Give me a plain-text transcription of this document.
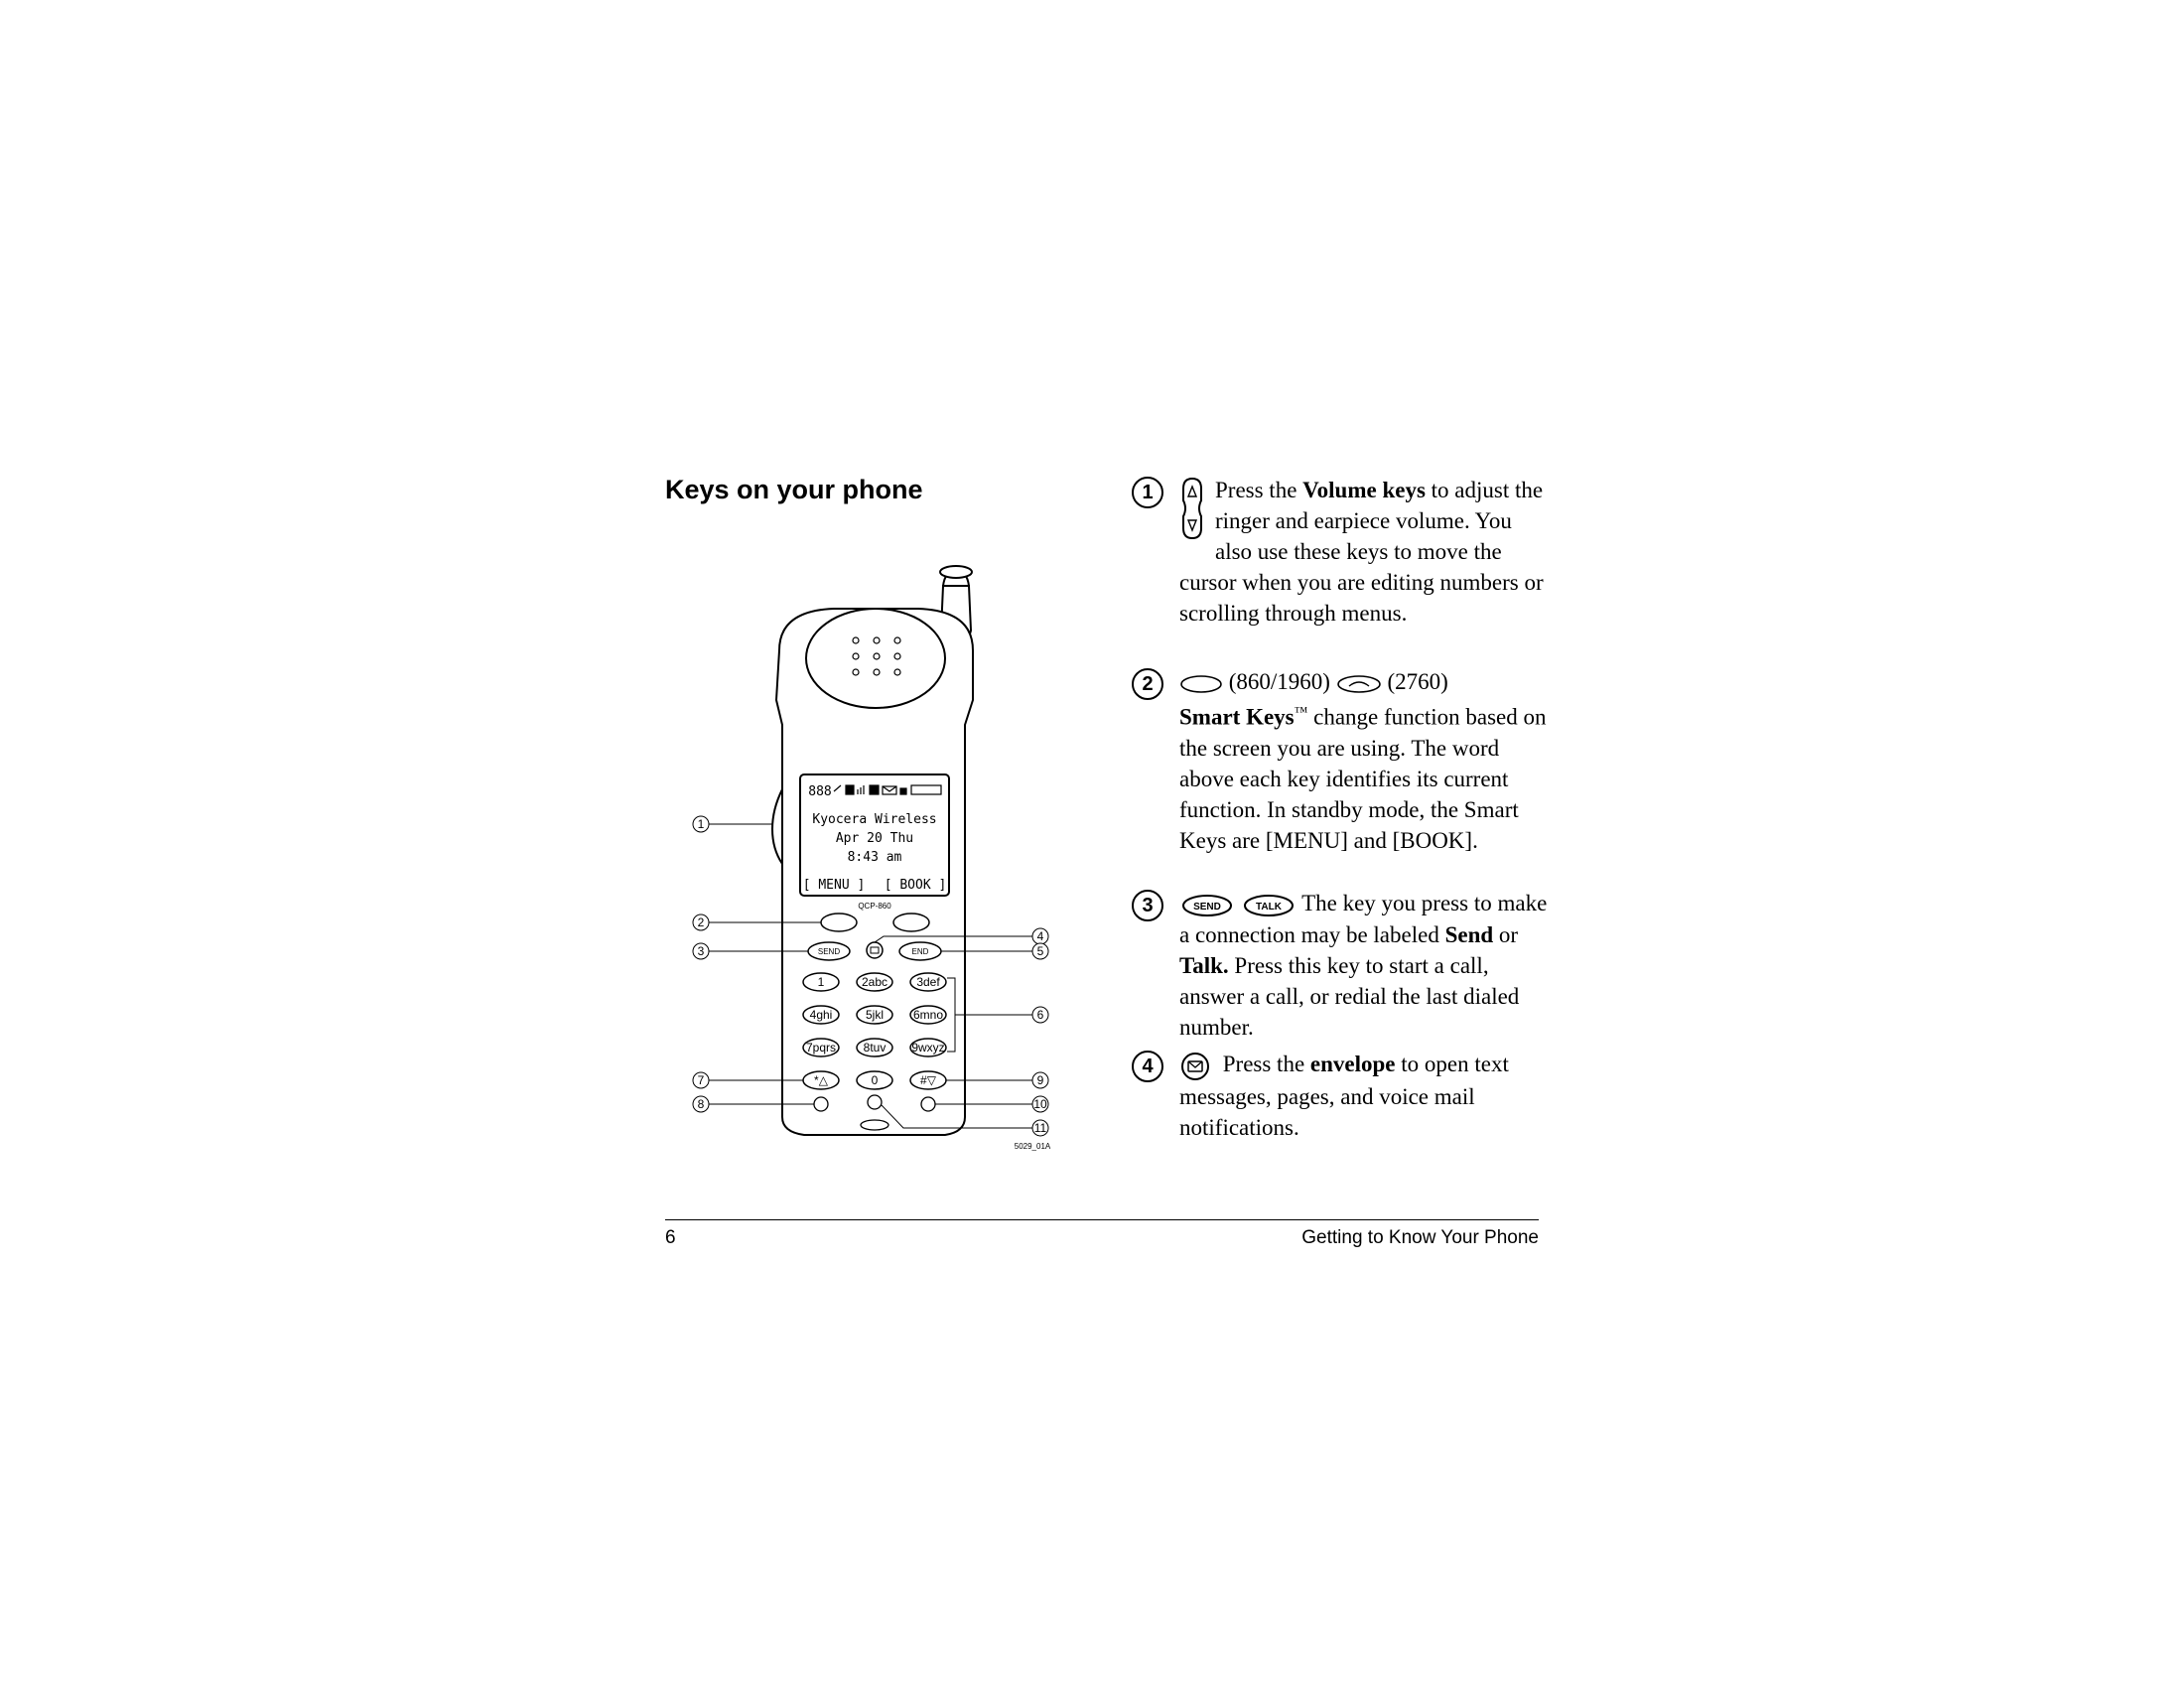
Keys on your phone
888
Kyocera Wireless
Apr 20 Thu
8:43 am
[ MENU ] [ BOOK ]
QCP-860
SEND	END
1	2abc 3def
4ghi	5jkl 6mno
7pqrs 8tuv 9wxyz
*△	0	#▽
1
2
3
4
5
6
7
8
9
10
11
5029_01A
1	Press the Volume keys to adjust the ringer and earpiece volume. You also use these keys to move the cursor when you are editing numbers or scrolling through menus.

2	(860/1960)	(2760)
Smart Keys™ change function based on the screen you are using. The word above each key identifies its current function. In standby mode, the Smart Keys are [MENU] and [BOOK].

3	SEND
	TALK The key you press to make a connection may be labeled Send or Talk. Press this key to start a call, answer a call, or redial the last dialed number.

4	Press the envelope to open text messages, pages, and voice mail notifications.

6	Getting to Know Your Phone
